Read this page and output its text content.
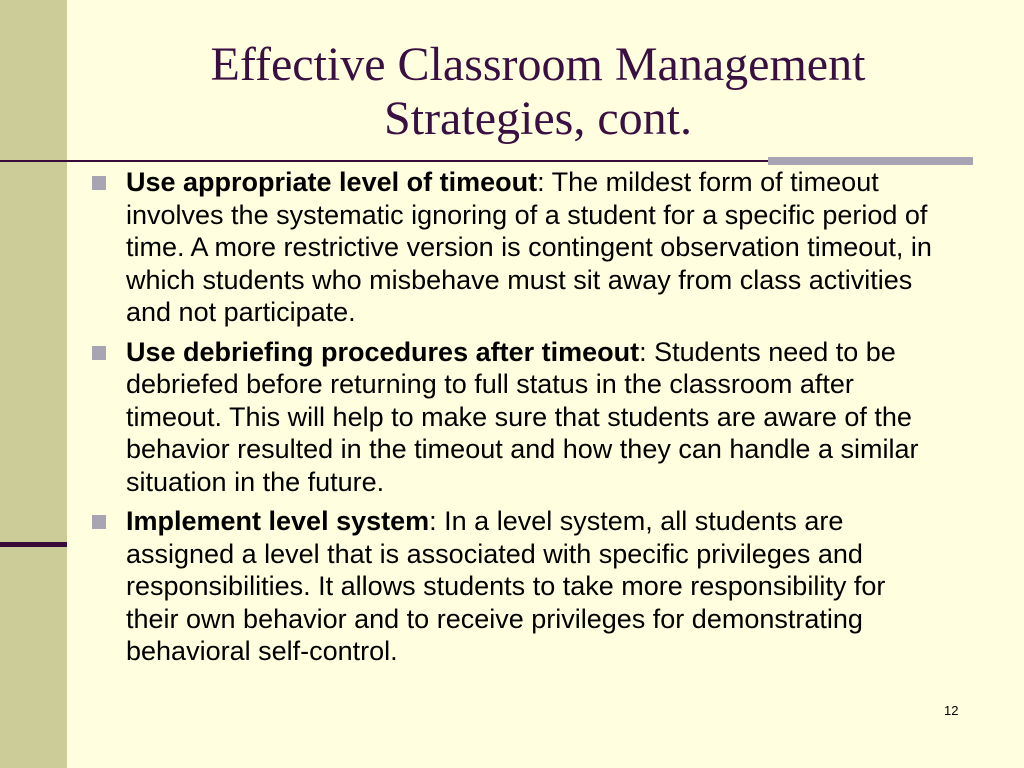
Effective Classroom Management
Strategies, cont.
Use appropriate level of timeout: The mildest form of timeout involves the systematic ignoring of a student for a specific period of time. A more restrictive version is contingent observation timeout, in which students who misbehave must sit away from class activities and not participate.
Use debriefing procedures after timeout: Students need to be debriefed before returning to full status in the classroom after timeout. This will help to make sure that students are aware of the behavior resulted in the timeout and how they can handle a similar situation in the future.
Implement level system: In a level system, all students are assigned a level that is associated with specific privileges and responsibilities. It allows students to take more responsibility for their own behavior and to receive privileges for demonstrating behavioral self-control.
12
